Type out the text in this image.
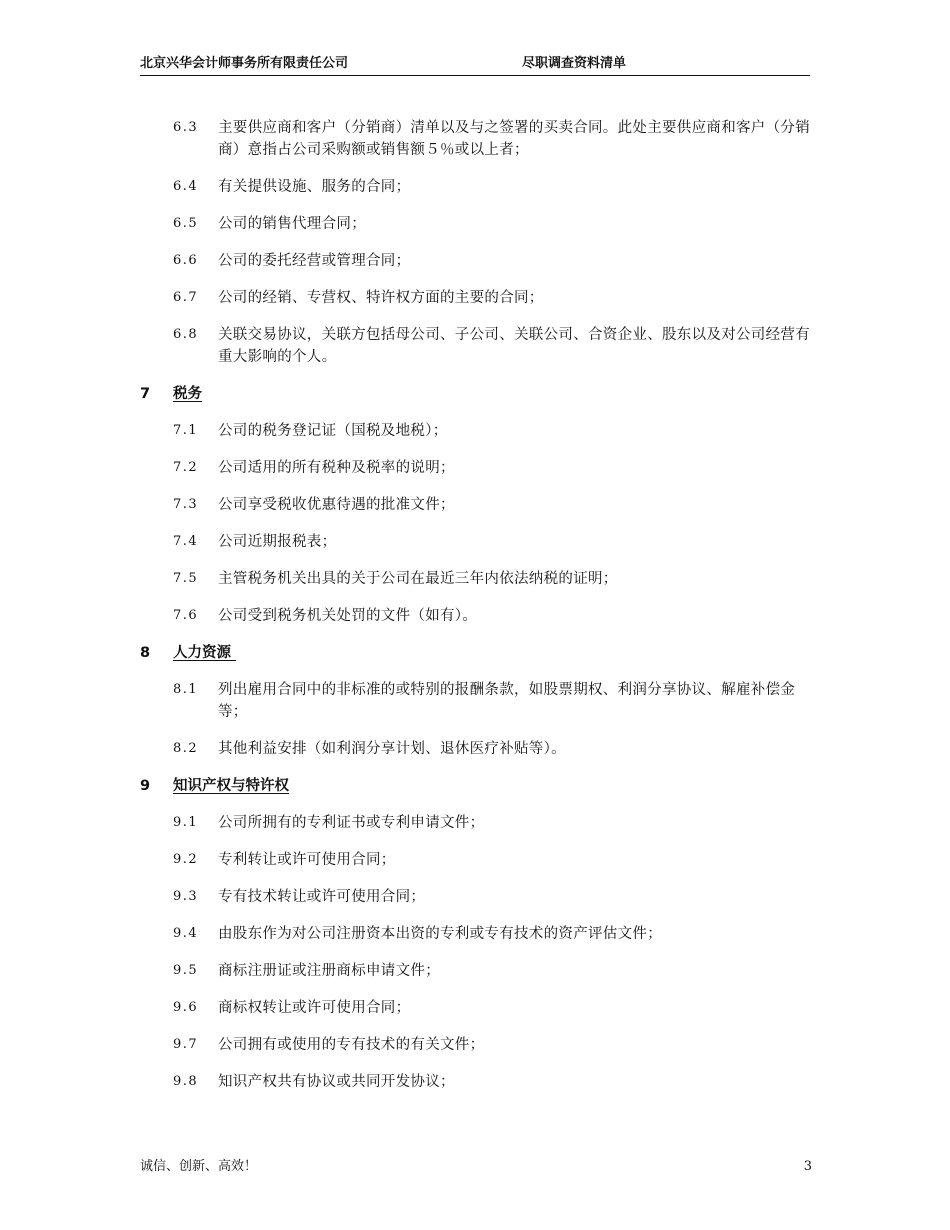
北京兴华会计师事务所有限责任公司	尽职调查资料清单
6.3 主要供应商和客户（分销商）清单以及与之签署的买卖合同。此处主要供应商和客户（分销商）意指占公司采购额或销售额５％或以上者；
6.4 有关提供设施、服务的合同；
6.5 公司的销售代理合同；
6.6 公司的委托经营或管理合同；
6.7 公司的经销、专营权、特许权方面的主要的合同；
6.8 关联交易协议，关联方包括母公司、子公司、关联公司、合资企业、股东以及对公司经营有重大影响的个人。
7 税务
7.1 公司的税务登记证（国税及地税）；
7.2 公司适用的所有税种及税率的说明；
7.3 公司享受税收优惠待遇的批准文件；
7.4 公司近期报税表；
7.5 主管税务机关出具的关于公司在最近三年内依法纳税的证明；
7.6 公司受到税务机关处罚的文件（如有）。
8 人力资源
8.1 列出雇用合同中的非标准的或特别的报酬条款，如股票期权、利润分享协议、解雇补偿金等；
8.2 其他利益安排（如利润分享计划、退休医疗补贴等）。
9 知识产权与特许权
9.1 公司所拥有的专利证书或专利申请文件；
9.2 专利转让或许可使用合同；
9.3 专有技术转让或许可使用合同；
9.4 由股东作为对公司注册资本出资的专利或专有技术的资产评估文件；
9.5 商标注册证或注册商标申请文件；
9.6 商标权转让或许可使用合同；
9.7 公司拥有或使用的专有技术的有关文件；
9.8 知识产权共有协议或共同开发协议；
诚信、创新、高效！	3
